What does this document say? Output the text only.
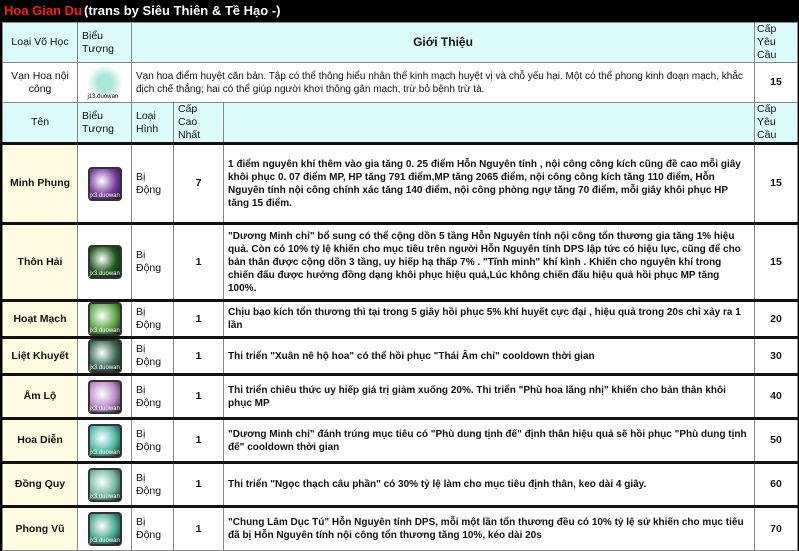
Hoa Gian Du (trans by Siêu Thiên & Tề Hạo -)
Loại Võ Học	Biểu Tượng	Giới Thiệu			Cấp Yêu Cầu
Vạn Hoa nội công	j13.duowan	Vạn hoa điểm huyệt căn bản. Tập có thể thông hiểu nhân thể kinh mạch huyệt vị và chỗ yếu hại. Một có thể phong kinh đoạn mạch, khắc địch chế thắng; hai có thể giúp người khơi thông gân mạch, trừ bỏ bệnh trừ tà.			15
Tên	Biểu Tượng	Loại Hình	Cấp Cao Nhất		Cấp Yêu Cầu
Minh Phụng	jx3.duowan	Bị Động	7	1 điểm nguyên khí thêm vào gia tăng 0. 25 điểm Hỗn Nguyên tính , nội công công kích cũng đề cao mỗi giây khôi phục 0. 07 điểm MP, HP tăng 791 điểm,MP tăng 2065 điểm, nội công công kích tăng 110 điểm, Hỗn Nguyên tính nội công chính xác tăng 140 điểm, nội công phòng ngự tăng 70 điểm, mỗi giây khôi phục HP tăng 15 điểm.	15
Thôn Hải	jx3.duowan	Bị Động	1	"Dương Minh chỉ" bổ sung có thể cộng dồn 5 tầng Hỗn Nguyên tính nội công tổn thương gia tăng 1% hiệu quả. Còn có 10% tỷ lệ khiến cho mục tiêu trên người Hỗn Nguyên tính DPS lập tức có hiệu lực, cũng để cho bản thân được cộng dồn 3 tầng, uy hiếp hạ thấp 7% . "Tĩnh minh" khí kình . Khiến cho nguyên khí trong chiến đấu được hưởng đồng dạng khôi phục hiệu quả,Lúc không chiến đấu hiệu quả hồi phục MP tăng 100%.	15
Hoạt Mạch	jx3.duowan	Bị Động	1	Chịu bạo kích tổn thương thì tại trong 5 giây hồi phục 5% khí huyết cực đại , hiệu quả trong 20s chỉ xảy ra 1 lần	20
Liệt Khuyết	jx3.duowan	Bị Động	1	Thi triển "Xuân nê hộ hoa" có thể hồi phục "Thái Âm chỉ" cooldown thời gian	30
Ẩm Lộ	jx3.duowan	Bị Động	1	Thi triển chiêu thức uy hiếp giá trị giảm xuống 20%. Thi triển "Phù hoa lãng nhị" khiến cho bản thân khôi phục MP	40
Hoa Diễn	jx3.duowan	Bị Động	1	"Dương Minh chỉ" đánh trúng mục tiêu có "Phù dung tịnh đế" định thân hiệu quả sẽ hồi phục "Phù dung tịnh đế" cooldown thời gian	50
Đồng Quy	jx3.duowan	Bị Động	1	Thi triển "Ngọc thạch câu phần" có 30% tỷ lệ làm cho mục tiêu định thân, keo dài 4 giây.	60
Phong Vũ	jx3.duowan	Bị Động	1	"Chung Lâm Dục Tú" Hỗn Nguyên tính DPS, mỗi một lần tổn thương đều có 10% tỷ lệ sử khiến cho mục tiêu đã bị Hỗn Nguyên tính nội công tổn thương tăng 10%, kéo dài 20s	70
